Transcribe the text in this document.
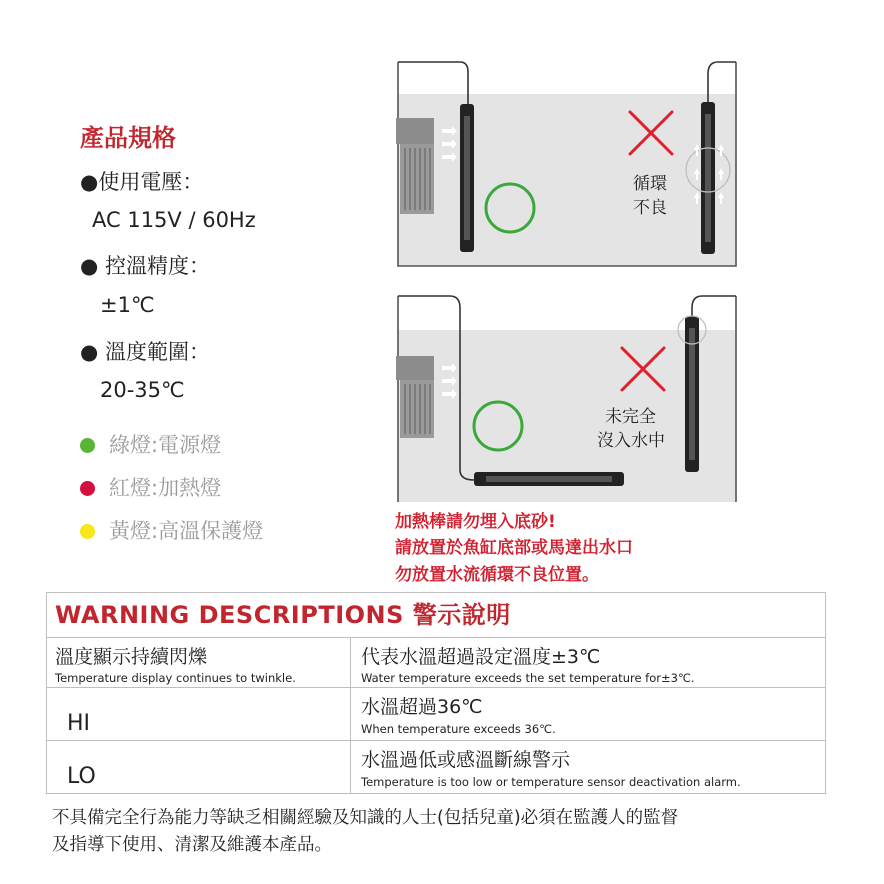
產品規格
●使用電壓：
AC 115V / 60Hz
● 控溫精度：
±1℃
● 溫度範圍：
20-35℃
綠燈:電源燈
紅燈:加熱燈
黃燈:高溫保護燈
循環
不良
未完全
沒入水中
加熱棒請勿埋入底砂!
請放置於魚缸底部或馬達出水口
勿放置水流循環不良位置。
WARNING DESCRIPTIONS 警示說明
溫度顯示持續閃爍
Temperature display continues to twinkle.
代表水溫超過設定溫度±3℃
Water temperature exceeds the set temperature for±3℃.
HI
水溫超過36℃
When temperature exceeds 36℃.
LO
水溫過低或感溫斷線警示
Temperature is too low or temperature sensor deactivation alarm.
不具備完全行為能力等缺乏相關經驗及知識的人士(包括兒童)必須在監護人的監督
及指導下使用、清潔及維護本產品。
